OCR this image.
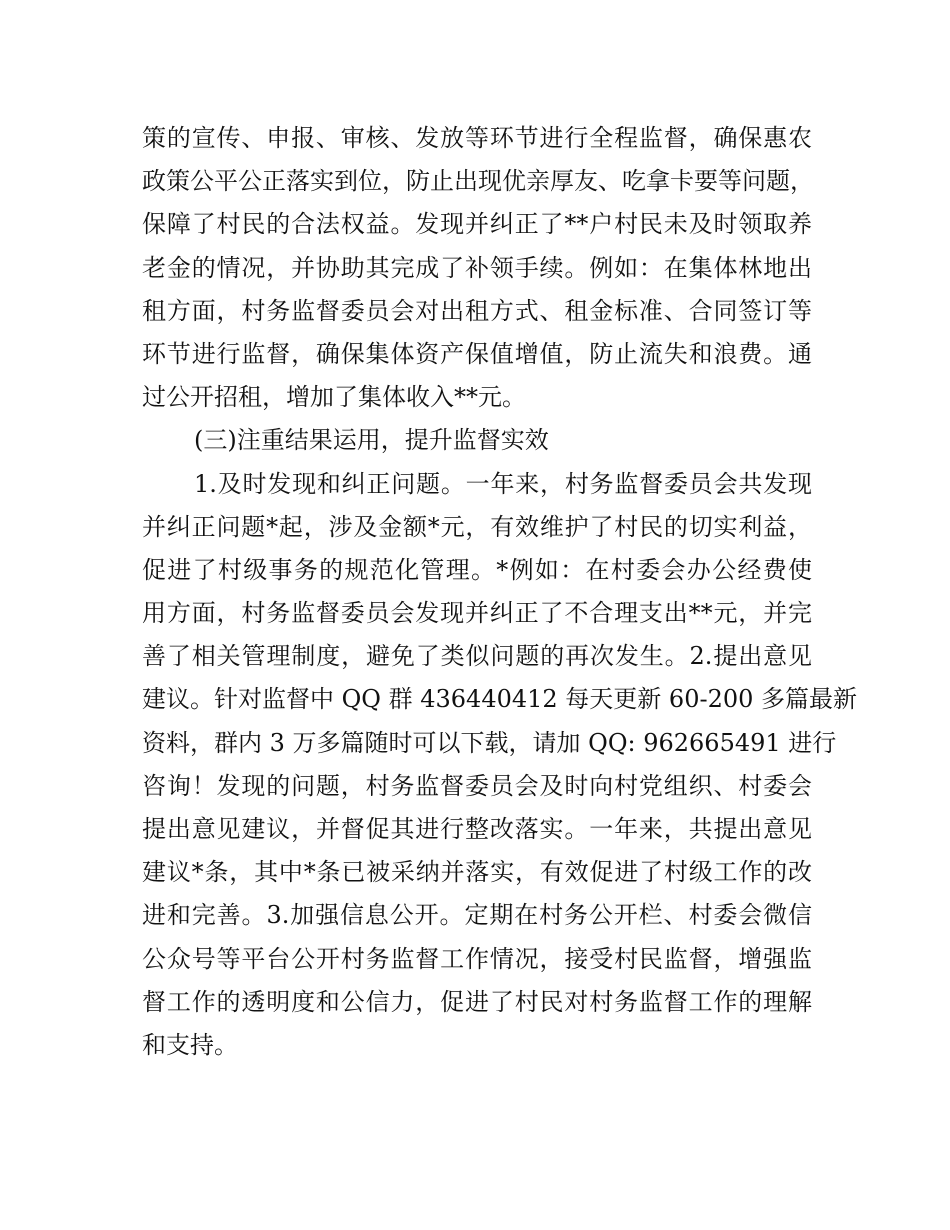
策的宣传、申报、审核、发放等环节进行全程监督，确保惠农
政策公平公正落实到位，防止出现优亲厚友、吃拿卡要等问题，
保障了村民的合法权益。发现并纠正了**户村民未及时领取养
老金的情况，并协助其完成了补领手续。例如：在集体林地出
租方面，村务监督委员会对出租方式、租金标准、合同签订等
环节进行监督，确保集体资产保值增值，防止流失和浪费。通
过公开招租，增加了集体收入**元。
(三)注重结果运用，提升监督实效
1.及时发现和纠正问题。一年来，村务监督委员会共发现
并纠正问题*起，涉及金额*元，有效维护了村民的切实利益，
促进了村级事务的规范化管理。*例如：在村委会办公经费使
用方面，村务监督委员会发现并纠正了不合理支出**元，并完
善了相关管理制度，避免了类似问题的再次发生。2.提出意见
建议。针对监督中 QQ 群 436440412 每天更新 60-200 多篇最新
资料，群内 3 万多篇随时可以下载，请加 QQ: 962665491 进行
咨询！发现的问题，村务监督委员会及时向村党组织、村委会
提出意见建议，并督促其进行整改落实。一年来，共提出意见
建议*条，其中*条已被采纳并落实，有效促进了村级工作的改
进和完善。3.加强信息公开。定期在村务公开栏、村委会微信
公众号等平台公开村务监督工作情况，接受村民监督，增强监
督工作的透明度和公信力，促进了村民对村务监督工作的理解
和支持。
